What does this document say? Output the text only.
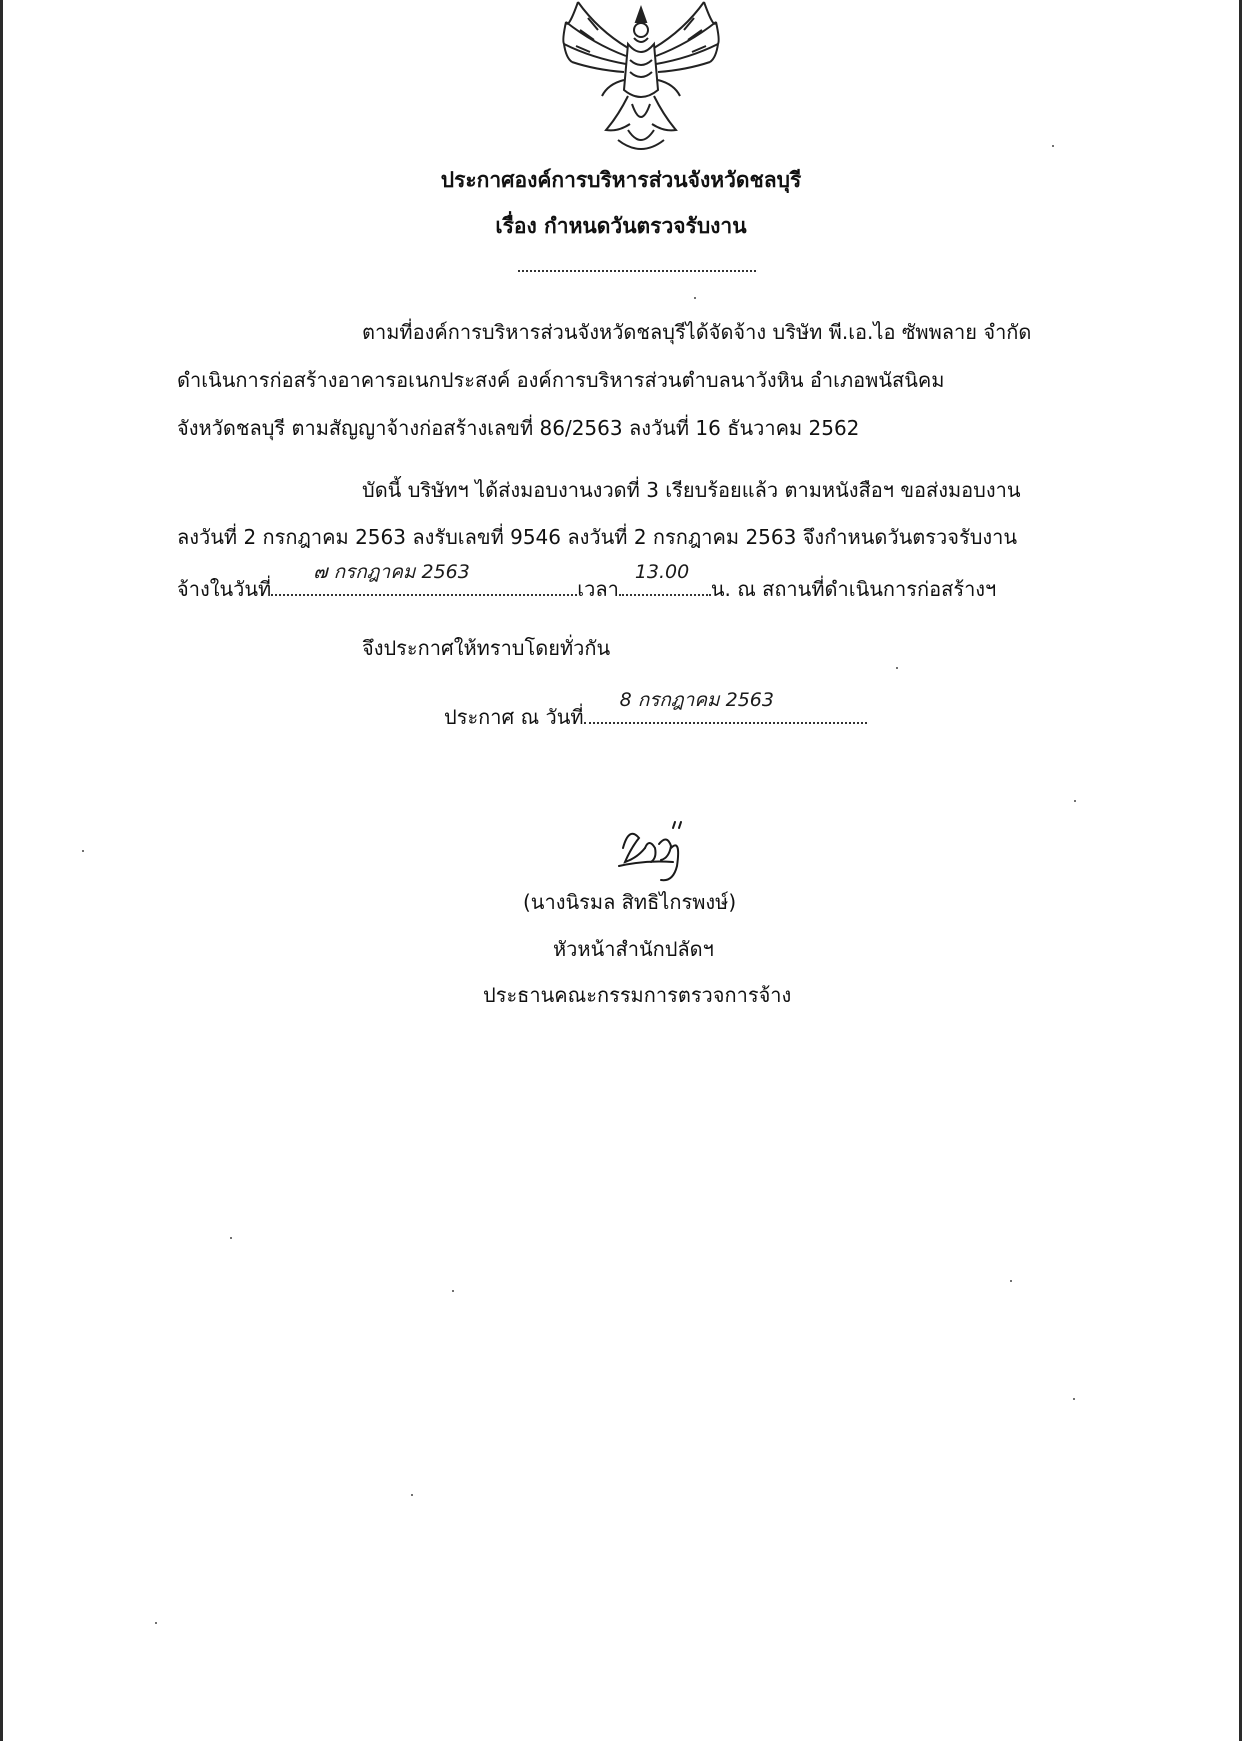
ประกาศองค์การบริหารส่วนจังหวัดชลบุรี
เรื่อง กำหนดวันตรวจรับงาน
ตามที่องค์การบริหารส่วนจังหวัดชลบุรีได้จัดจ้าง บริษัท พี.เอ.ไอ ซัพพลาย จำกัด
ดำเนินการก่อสร้างอาคารอเนกประสงค์ องค์การบริหารส่วนตำบลนาวังหิน อำเภอพนัสนิคม
จังหวัดชลบุรี ตามสัญญาจ้างก่อสร้างเลขที่ 86/2563 ลงวันที่ 16 ธันวาคม 2562
บัดนี้ บริษัทฯ ได้ส่งมอบงานงวดที่ 3 เรียบร้อยแล้ว ตามหนังสือฯ ขอส่งมอบงาน
ลงวันที่ 2 กรกฎาคม 2563 ลงรับเลขที่ 9546 ลงวันที่ 2 กรกฎาคม 2563 จึงกำหนดวันตรวจรับงาน
จ้างในวันที่
๗ กรกฎาคม 2563
เวลา
13.00
น. ณ สถานที่ดำเนินการก่อสร้างฯ
จึงประกาศให้ทราบโดยทั่วกัน
ประกาศ ณ วันที่
8 กรกฎาคม 2563
(นางนิรมล สิทธิไกรพงษ์)
หัวหน้าสำนักปลัดฯ
ประธานคณะกรรมการตรวจการจ้าง
